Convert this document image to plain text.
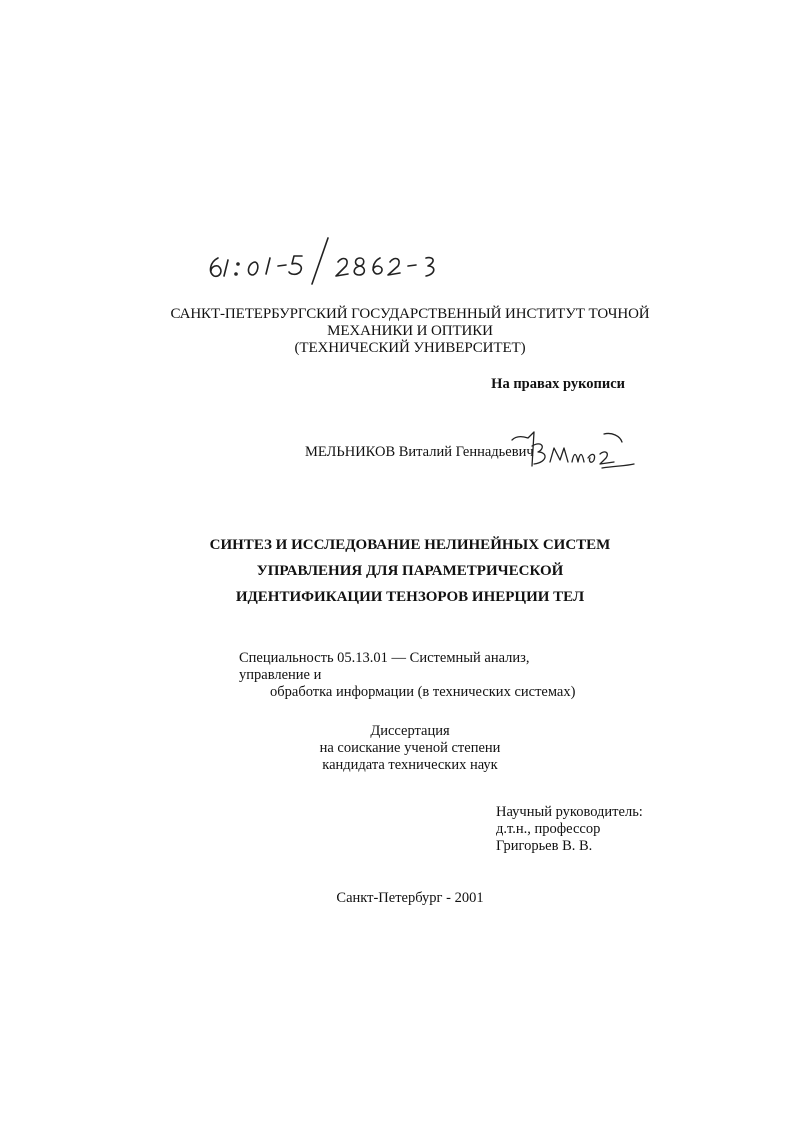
САНКТ-ПЕТЕРБУРГСКИЙ ГОСУДАРСТВЕННЫЙ ИНСТИТУТ ТОЧНОЙ
МЕХАНИКИ И ОПТИКИ
(ТЕХНИЧЕСКИЙ УНИВЕРСИТЕТ)
На правах рукописи
МЕЛЬНИКОВ Виталий Геннадьевич
СИНТЕЗ И ИССЛЕДОВАНИЕ НЕЛИНЕЙНЫХ СИСТЕМ
УПРАВЛЕНИЯ ДЛЯ ПАРАМЕТРИЧЕСКОЙ
ИДЕНТИФИКАЦИИ ТЕНЗОРОВ ИНЕРЦИИ ТЕЛ
Специальность 05.13.01 — Системный анализ, управление и
обработка информации (в технических системах)
Диссертация
на соискание ученой степени
кандидата технических наук
Научный руководитель:
д.т.н., профессор
Григорьев В. В.
Санкт-Петербург - 2001
